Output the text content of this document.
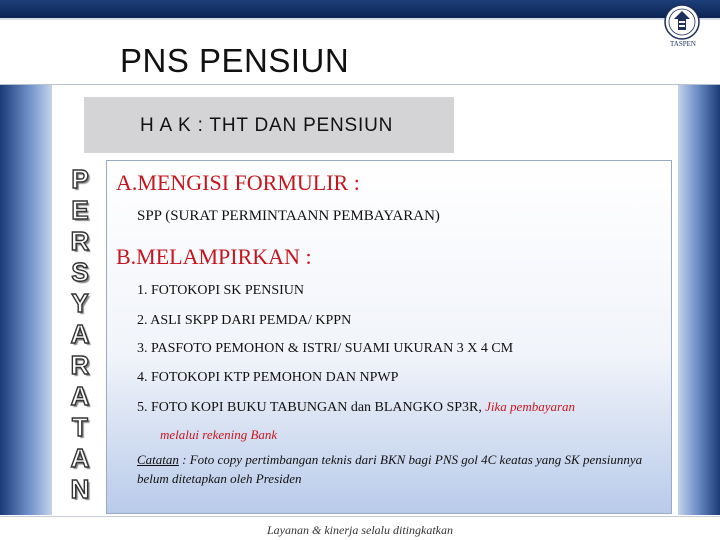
TASPEN
PNS PENSIUN
H A K : THT DAN PENSIUN
P
E
R
S
Y
A
R
A
T
A
N
A.MENGISI FORMULIR :
SPP (SURAT PERMINTAANN PEMBAYARAN)
B.MELAMPIRKAN :
1. FOTOKOPI SK PENSIUN
2. ASLI SKPP DARI PEMDA/ KPPN
3. PASFOTO PEMOHON & ISTRI/ SUAMI UKURAN 3 X 4 CM
4. FOTOKOPI KTP PEMOHON DAN NPWP
5. FOTO KOPI BUKU TABUNGAN dan BLANGKO SP3R, Jika pembayaran
melalui rekening Bank
Catatan : Foto copy pertimbangan teknis dari BKN bagi PNS gol 4C keatas yang SK pensiunnya belum ditetapkan oleh Presiden
Layanan & kinerja selalu ditingkatkan
